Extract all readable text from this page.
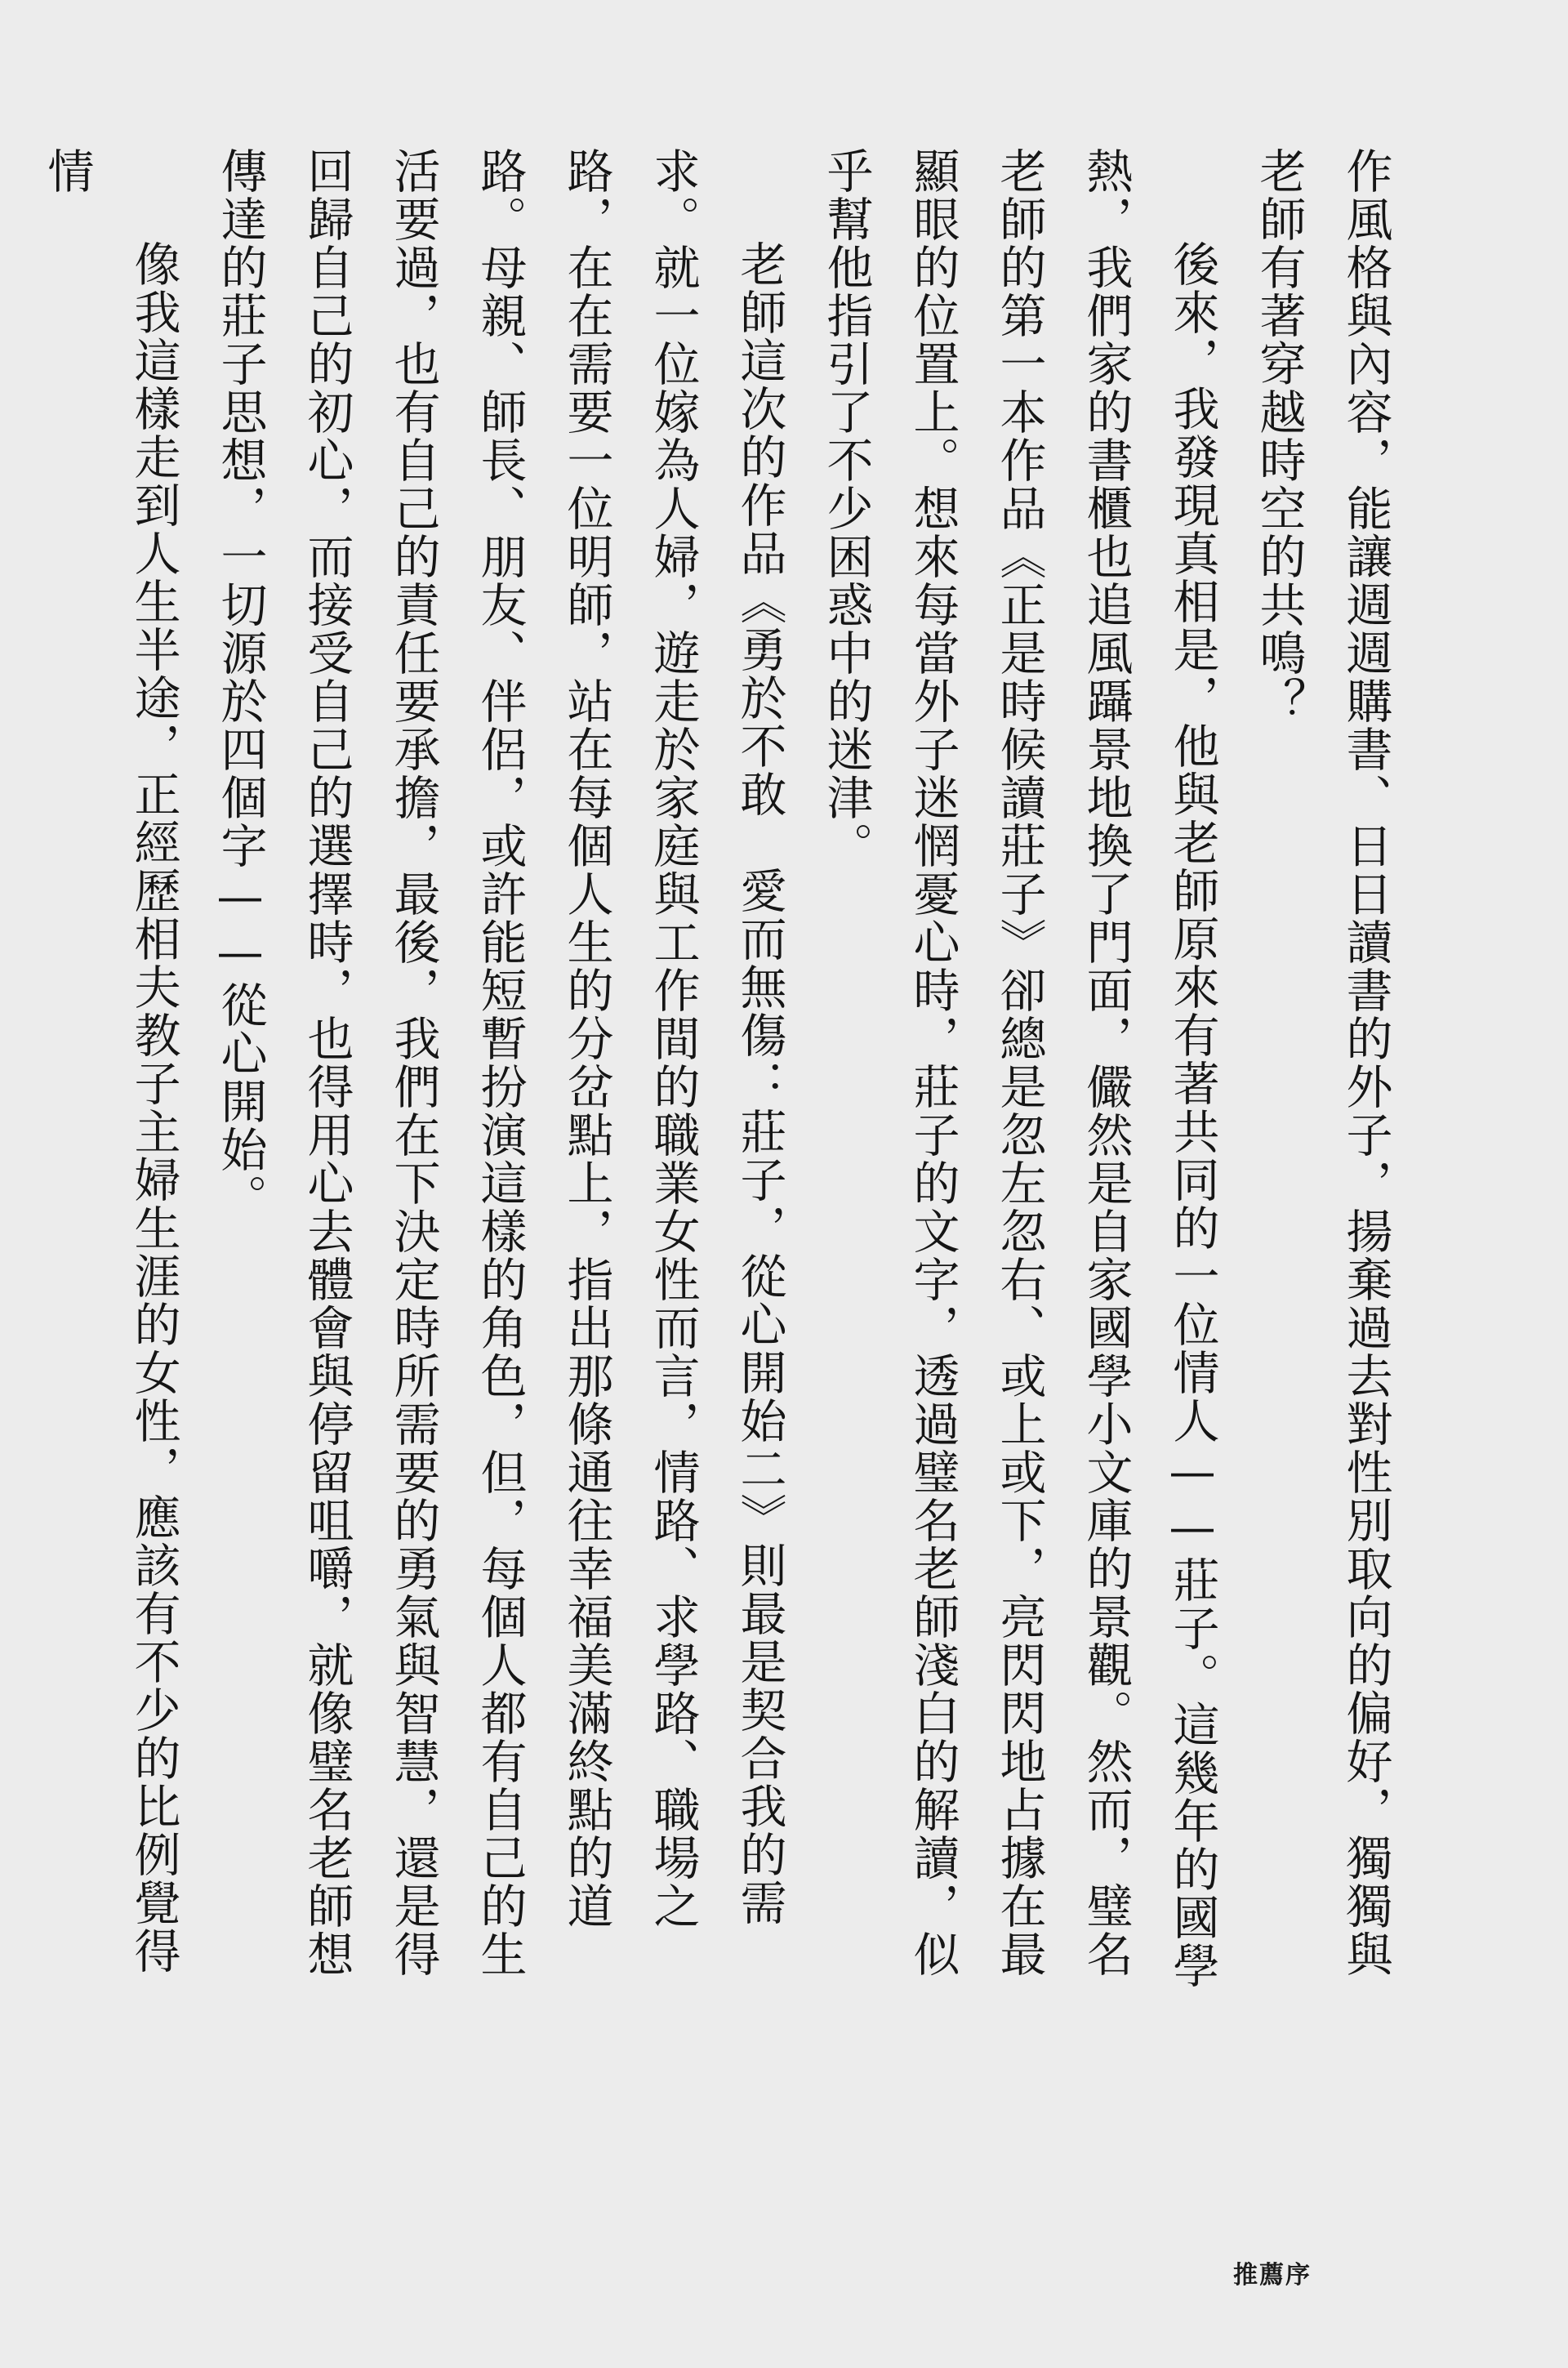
作風格與內容，能讓週週購書、日日讀書的外子，揚棄過去對性別取向的偏好，獨獨與老師有著穿越時空的共鳴？

後來，我發現真相是，他與老師原來有著共同的一位情人——莊子。這幾年的國學熱，我們家的書櫃也追風躡景地換了門面，儼然是自家國學小文庫的景觀。然而，璧名老師的第一本作品《正是時候讀莊子》卻總是忽左忽右、或上或下，亮閃閃地占據在最顯眼的位置上。想來每當外子迷惘憂心時，莊子的文字，透過璧名老師淺白的解讀，似乎幫他指引了不少困惑中的迷津。

老師這次的作品《勇於不敢　愛而無傷：莊子，從心開始二》則最是契合我的需求。就一位嫁為人婦，遊走於家庭與工作間的職業女性而言，情路、求學路、職場之路，在在需要一位明師，站在每個人生的分岔點上，指出那條通往幸福美滿終點的道路。母親、師長、朋友、伴侶，或許能短暫扮演這樣的角色，但，每個人都有自己的生活要過，也有自己的責任要承擔，最後，我們在下決定時所需要的勇氣與智慧，還是得回歸自己的初心，而接受自己的選擇時，也得用心去體會與停留咀嚼，就像璧名老師想傳達的莊子思想，一切源於四個字——從心開始。

像我這樣走到人生半途，正經歷相夫教子主婦生涯的女性，應該有不少的比例覺得情

推薦序
